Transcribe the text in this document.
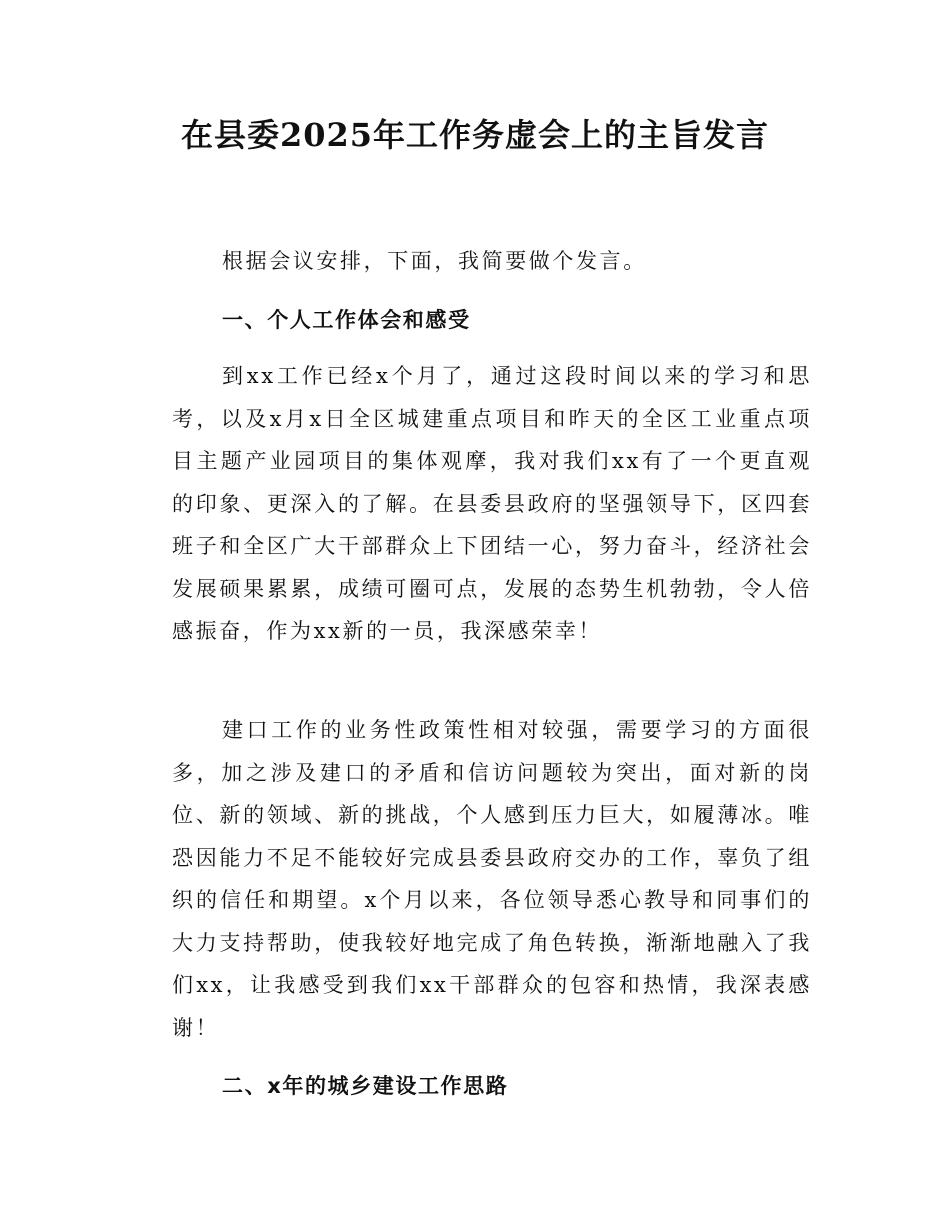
在县委2025年工作务虚会上的主旨发言

根据会议安排，下面，我简要做个发言。

一、个人工作体会和感受

到xx工作已经x个月了，通过这段时间以来的学习和思考，以及x月x日全区城建重点项目和昨天的全区工业重点项目主题产业园项目的集体观摩，我对我们xx有了一个更直观的印象、更深入的了解。在县委县政府的坚强领导下，区四套班子和全区广大干部群众上下团结一心，努力奋斗，经济社会发展硕果累累，成绩可圈可点，发展的态势生机勃勃，令人倍感振奋，作为xx新的一员，我深感荣幸！

建口工作的业务性政策性相对较强，需要学习的方面很多，加之涉及建口的矛盾和信访问题较为突出，面对新的岗位、新的领域、新的挑战，个人感到压力巨大，如履薄冰。唯恐因能力不足不能较好完成县委县政府交办的工作，辜负了组织的信任和期望。x个月以来，各位领导悉心教导和同事们的大力支持帮助，使我较好地完成了角色转换，渐渐地融入了我们xx，让我感受到我们xx干部群众的包容和热情，我深表感谢！

二、x年的城乡建设工作思路
